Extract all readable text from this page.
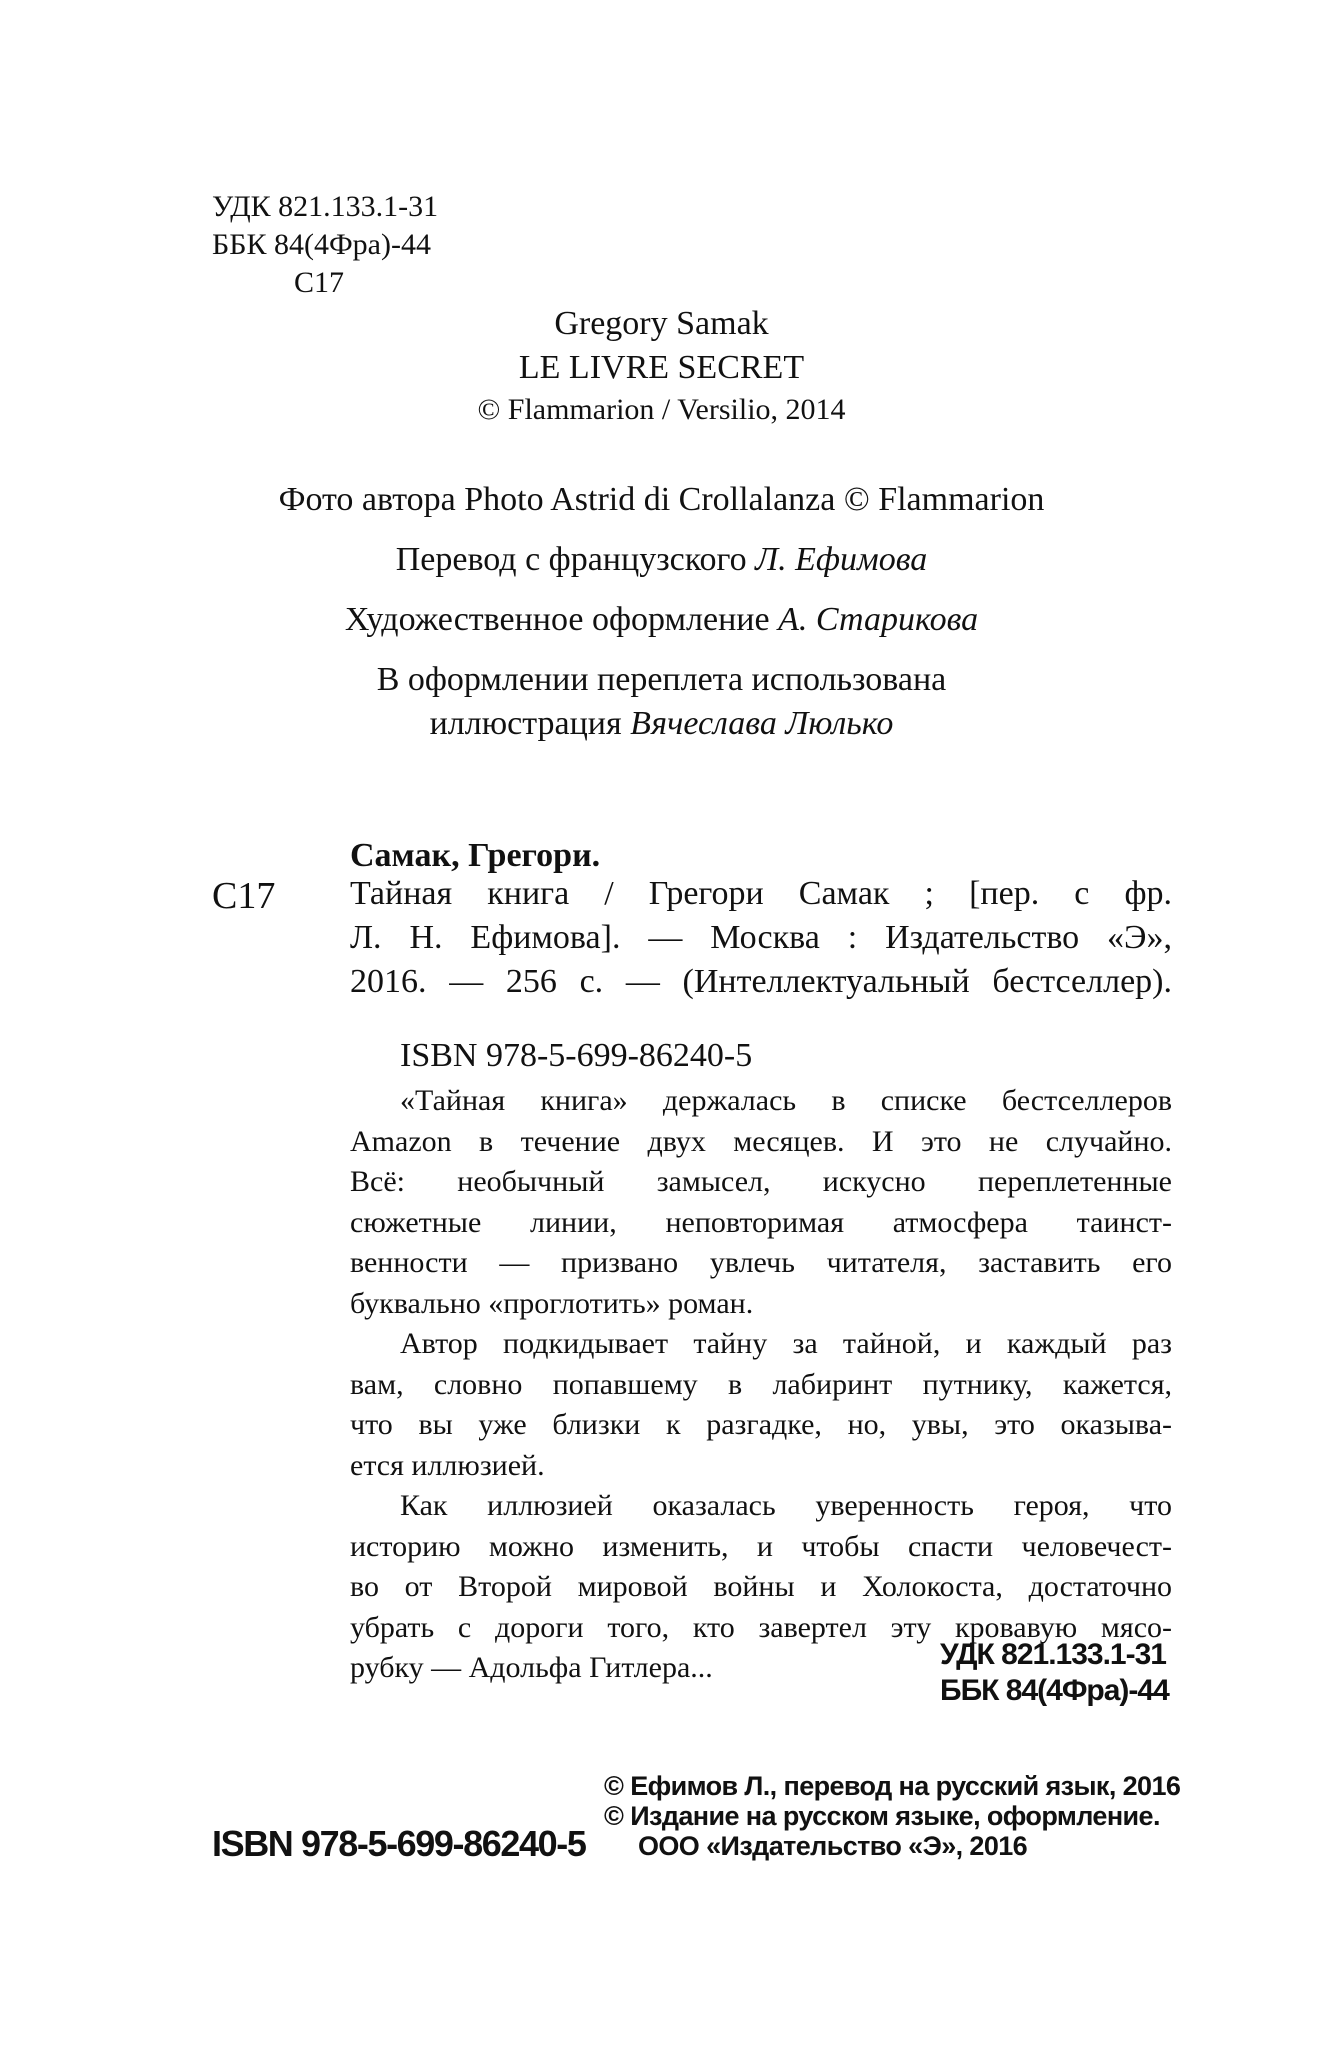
УДК 821.133.1-31
ББК 84(4Фра)-44
С17
Gregory Samak
LE LIVRE SECRET
© Flammarion / Versilio, 2014
Фото автора Photo Astrid di Crollalanza © Flammarion
Перевод с французского Л. Ефимова
Художественное оформление А. Старикова
В оформлении переплета использована
иллюстрация Вячеслава Люлько
Самак, Грегори.
С17 Тайная книга / Грегори Самак ; [пер. с фр.
Л. Н. Ефимова]. — Москва : Издательство «Э»,
2016. — 256 с. — (Интеллектуальный бестселлер).
ISBN 978-5-699-86240-5
«Тайная книга» держалась в списке бестселлеров
Amazon в течение двух месяцев. И это не случайно.
Всё: необычный замысел, искусно переплетенные
сюжетные линии, неповторимая атмосфера таинст-
венности — призвано увлечь читателя, заставить его
буквально «проглотить» роман.
Автор подкидывает тайну за тайной, и каждый раз
вам, словно попавшему в лабиринт путнику, кажется,
что вы уже близки к разгадке, но, увы, это оказыва-
ется иллюзией.
Как иллюзией оказалась уверенность героя, что
историю можно изменить, и чтобы спасти человечест-
во от Второй мировой войны и Холокоста, достаточно
убрать с дороги того, кто завертел эту кровавую мясо-
рубку — Адольфа Гитлера...	УДК 821.133.1-31
ББК 84(4Фра)-44
© Ефимов Л., перевод на русский язык, 2016
© Издание на русском языке, оформление.
ООО «Издательство «Э», 2016
ISBN 978-5-699-86240-5
